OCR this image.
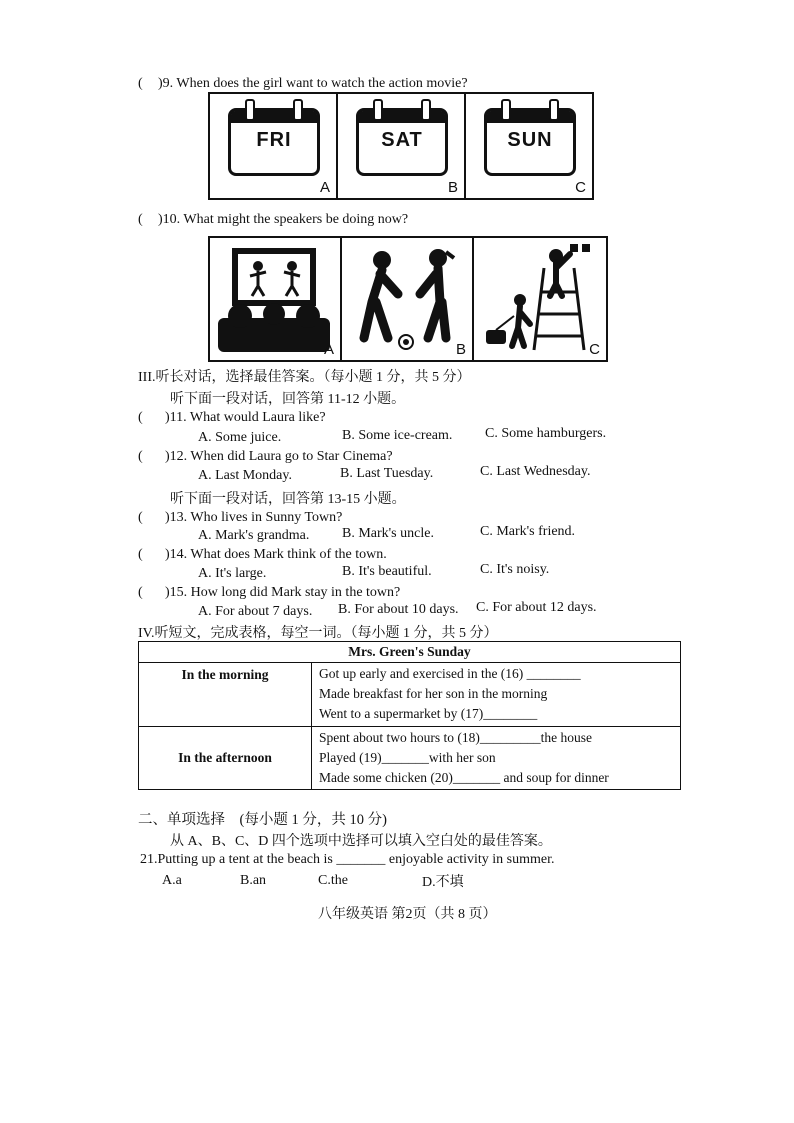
( )9. When does the girl want to watch the action movie?
FRI
A
SAT
B
SUN
C
( )10. What might the speakers be doing now?
A	B	C
III.听长对话，选择最佳答案。（每小题 1 分，共 5 分）
听下面一段对话，回答第 11-12 小题。
( )11. What would Laura like?
A. Some juice.	B. Some ice-cream. C. Some hamburgers.
( )12. When did Laura go to Star Cinema?
A. Last Monday.	B. Last Tuesday.	C. Last Wednesday.
听下面一段对话，回答第 13-15 小题。
( )13. Who lives in Sunny Town?
A. Mark's grandma. B. Mark's uncle.	C. Mark's friend.
( )14. What does Mark think of the town.
A. It's large.	B. It's beautiful.	C. It's noisy.
( )15. How long did Mark stay in the town?
A. For about 7 days. B. For about 10 days. C. For about 12 days.
IV.听短文，完成表格，每空一词。（每小题 1 分，共 5 分）
Mrs. Green's Sunday	
In the morning	Got up early and exercised in the (16) ________
Made breakfast for her son in the morning
Went to a supermarket by (17)________

In the afternoon	Spent about two hours to (18)_________the house
Played (19)_______with her son
Made some chicken (20)_______ and soup for dinner
二、单项选择　(每小题 1 分，共 10 分)
从 A、B、C、D 四个选项中选择可以填入空白处的最佳答案。
21.Putting up a tent at the beach is _______ enjoyable activity in summer.
A.a	B.an	C.the	D.不填
八年级英语 第2页（共 8 页）
